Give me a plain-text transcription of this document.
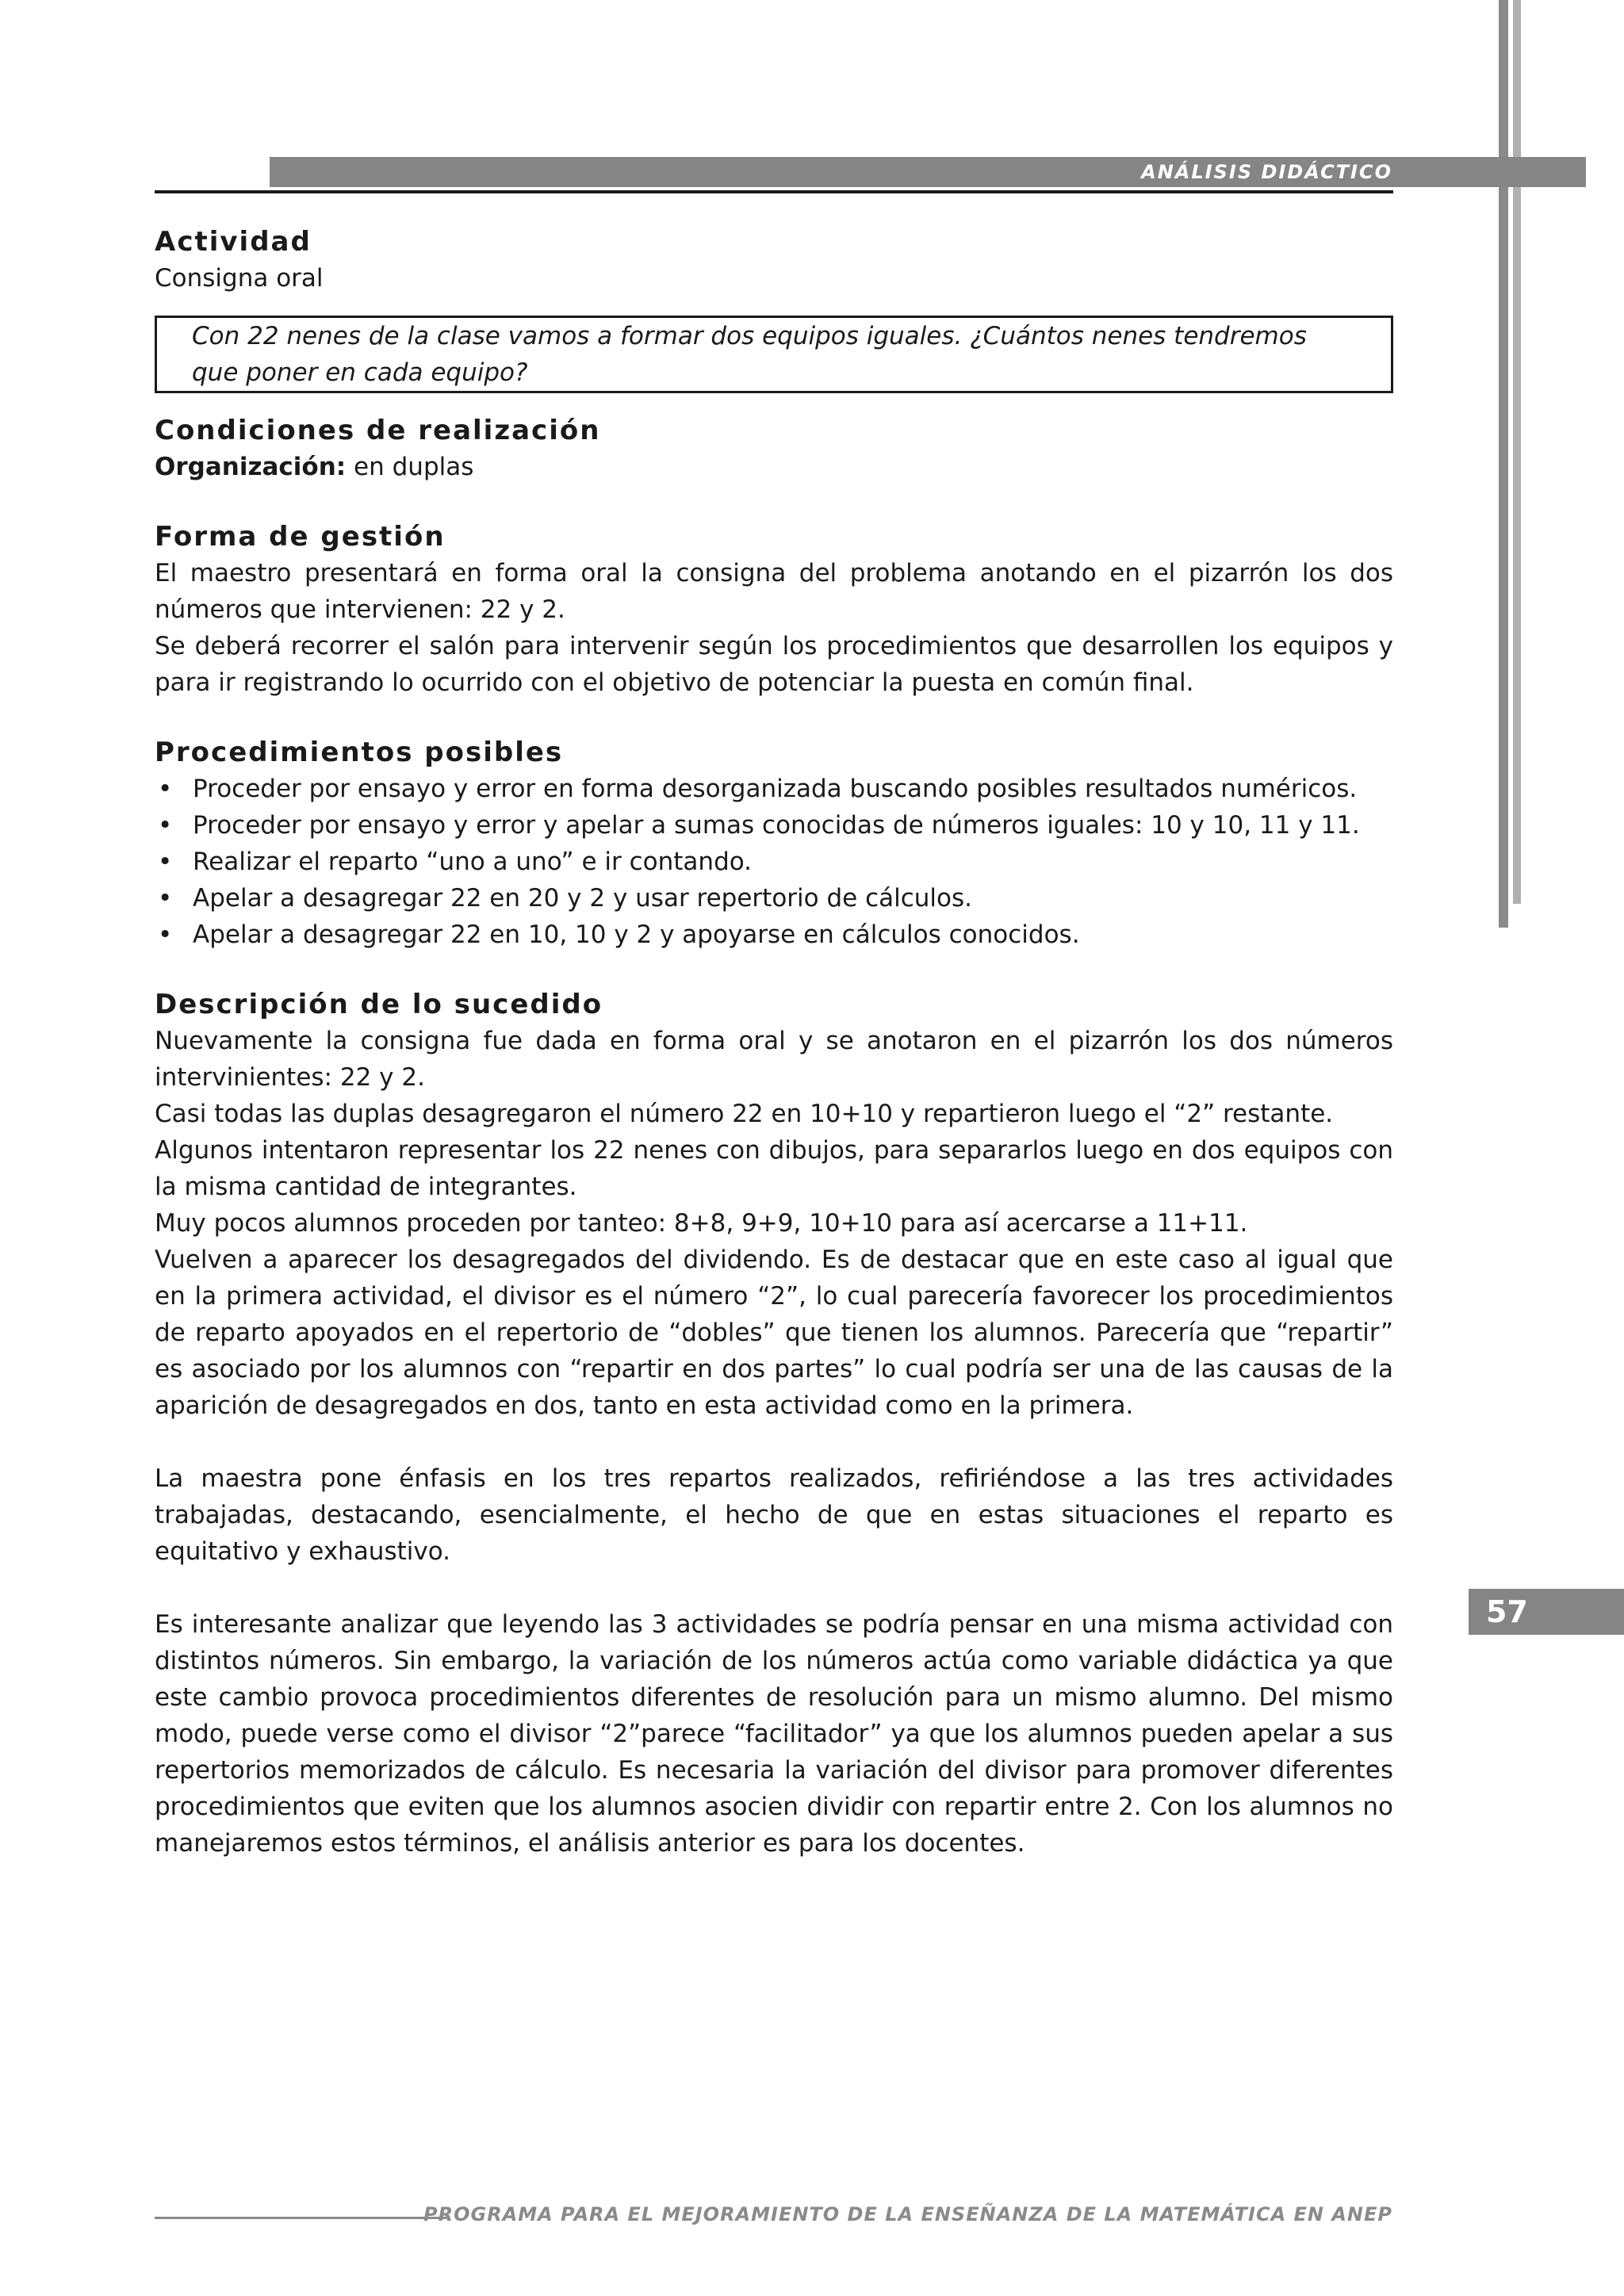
ANÁLISIS DIDÁCTICO
57
Actividad

Consigna oral

Con 22 nenes de la clase vamos a formar dos equipos iguales. ¿Cuántos nenes tendremos que poner en cada equipo?

Condiciones de realización

Organización: en duplas

Forma de gestión

El maestro presentará en forma oral la consigna del problema anotando en el pizarrón los dos números que intervienen: 22 y 2.

Se deberá recorrer el salón para intervenir según los procedimientos que desarrollen los equipos y para ir registrando lo ocurrido con el objetivo de potenciar la puesta en común final.

Procedimientos posibles
• Proceder por ensayo y error en forma desorganizada buscando posibles resultados numéricos.
• Proceder por ensayo y error y apelar a sumas conocidas de números iguales: 10 y 10, 11 y 11.
• Realizar el reparto “uno a uno” e ir contando.
• Apelar a desagregar 22 en 20 y 2 y usar repertorio de cálculos.
• Apelar a desagregar 22 en 10, 10 y 2 y apoyarse en cálculos conocidos.
Descripción de lo sucedido

Nuevamente la consigna fue dada en forma oral y se anotaron en el pizarrón los dos números intervinientes: 22 y 2.

Casi todas las duplas desagregaron el número 22 en 10+10 y repartieron luego el “2” restante.

Algunos intentaron representar los 22 nenes con dibujos, para separarlos luego en dos equipos con la misma cantidad de integrantes.

Muy pocos alumnos proceden por tanteo: 8+8, 9+9, 10+10 para así acercarse a 11+11.

Vuelven a aparecer los desagregados del dividendo. Es de destacar que en este caso al igual que en la primera actividad, el divisor es el número “2”, lo cual parecería favorecer los procedimientos de reparto apoyados en el repertorio de “dobles” que tienen los alumnos. Parecería que “repartir” es asociado por los alumnos con “repartir en dos partes” lo cual podría ser una de las causas de la aparición de desagregados en dos, tanto en esta actividad como en la primera.

La maestra pone énfasis en los tres repartos realizados, refiriéndose a las tres actividades trabajadas, destacando, esencialmente, el hecho de que en estas situaciones el reparto es equitativo y exhaustivo.

Es interesante analizar que leyendo las 3 actividades se podría pensar en una misma actividad con distintos números. Sin embargo, la variación de los números actúa como variable didáctica ya que este cambio provoca procedimientos diferentes de resolución para un mismo alumno. Del mismo modo, puede verse como el divisor “2”parece “facilitador” ya que los alumnos pueden apelar a sus repertorios memorizados de cálculo. Es necesaria la variación del divisor para promover diferentes procedimientos que eviten que los alumnos asocien dividir con repartir entre 2. Con los alumnos no manejaremos estos términos, el análisis anterior es para los docentes.

PROGRAMA PARA EL MEJORAMIENTO DE LA ENSEÑANZA DE LA MATEMÁTICA EN ANEP
